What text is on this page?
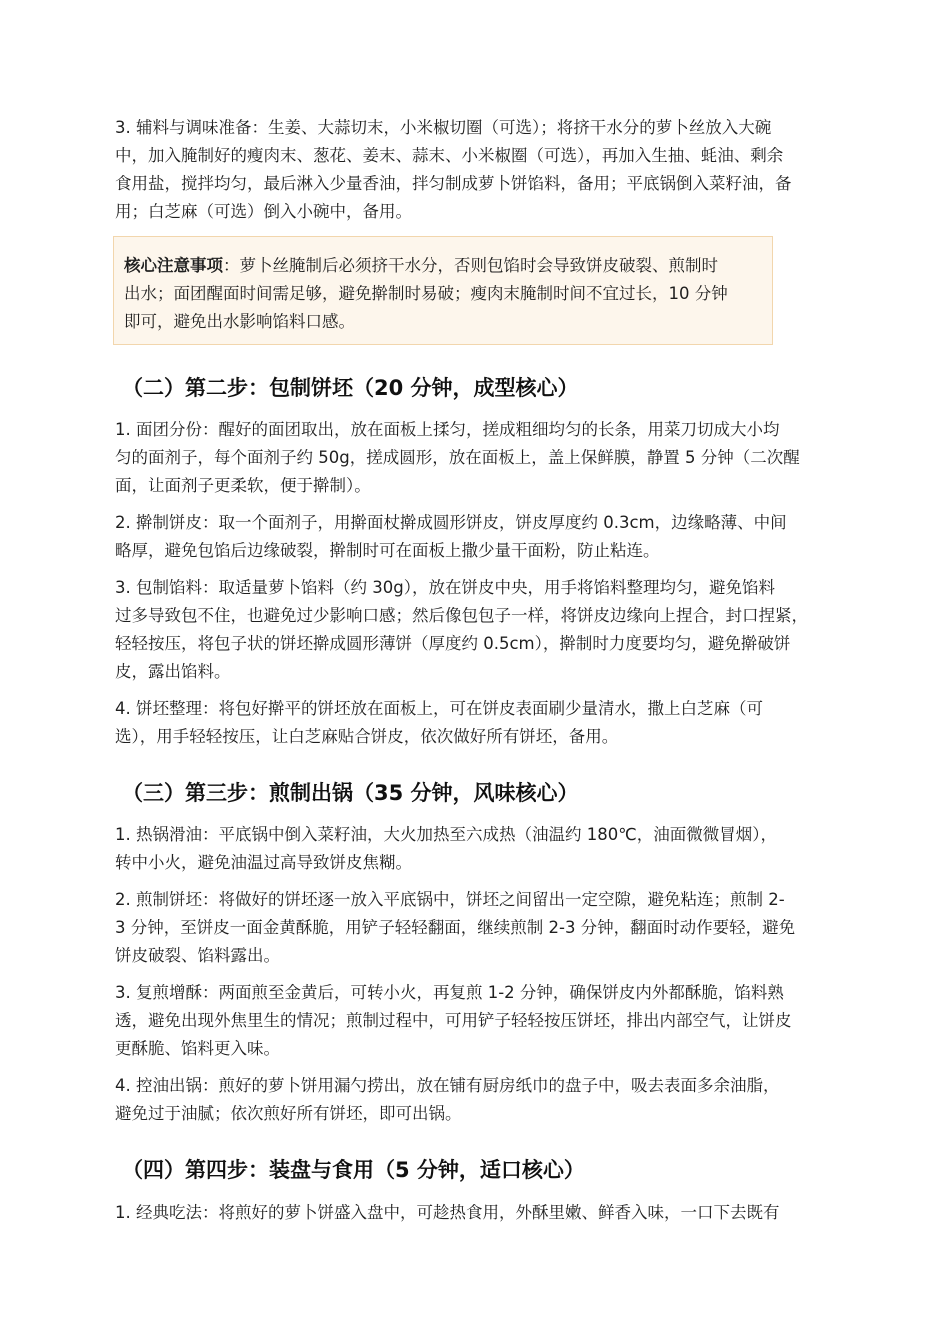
3. 辅料与调味准备：生姜、大蒜切末，小米椒切圈（可选）；将挤干水分的萝卜丝放入大碗
中，加入腌制好的瘦肉末、葱花、姜末、蒜末、小米椒圈（可选），再加入生抽、蚝油、剩余
食用盐，搅拌均匀，最后淋入少量香油，拌匀制成萝卜饼馅料，备用；平底锅倒入菜籽油，备
用；白芝麻（可选）倒入小碗中，备用。

核心注意事项：萝卜丝腌制后必须挤干水分，否则包馅时会导致饼皮破裂、煎制时
出水；面团醒面时间需足够，避免擀制时易破；瘦肉末腌制时间不宜过长，10 分钟
即可，避免出水影响馅料口感。
（二）第二步：包制饼坯（20 分钟，成型核心）

1. 面团分份：醒好的面团取出，放在面板上揉匀，搓成粗细均匀的长条，用菜刀切成大小均
匀的面剂子，每个面剂子约 50g，搓成圆形，放在面板上，盖上保鲜膜，静置 5 分钟（二次醒
面，让面剂子更柔软，便于擀制）。

2. 擀制饼皮：取一个面剂子，用擀面杖擀成圆形饼皮，饼皮厚度约 0.3cm，边缘略薄、中间
略厚，避免包馅后边缘破裂，擀制时可在面板上撒少量干面粉，防止粘连。

3. 包制馅料：取适量萝卜馅料（约 30g），放在饼皮中央，用手将馅料整理均匀，避免馅料
过多导致包不住，也避免过少影响口感；然后像包包子一样，将饼皮边缘向上捏合，封口捏紧，
轻轻按压，将包子状的饼坯擀成圆形薄饼（厚度约 0.5cm），擀制时力度要均匀，避免擀破饼
皮，露出馅料。

4. 饼坯整理：将包好擀平的饼坯放在面板上，可在饼皮表面刷少量清水，撒上白芝麻（可
选），用手轻轻按压，让白芝麻贴合饼皮，依次做好所有饼坯，备用。

（三）第三步：煎制出锅（35 分钟，风味核心）

1. 热锅滑油：平底锅中倒入菜籽油，大火加热至六成热（油温约 180℃，油面微微冒烟），
转中小火，避免油温过高导致饼皮焦糊。

2. 煎制饼坯：将做好的饼坯逐一放入平底锅中，饼坯之间留出一定空隙，避免粘连；煎制 2-
3 分钟，至饼皮一面金黄酥脆，用铲子轻轻翻面，继续煎制 2-3 分钟，翻面时动作要轻，避免
饼皮破裂、馅料露出。

3. 复煎增酥：两面煎至金黄后，可转小火，再复煎 1-2 分钟，确保饼皮内外都酥脆，馅料熟
透，避免出现外焦里生的情况；煎制过程中，可用铲子轻轻按压饼坯，排出内部空气，让饼皮
更酥脆、馅料更入味。

4. 控油出锅：煎好的萝卜饼用漏勺捞出，放在铺有厨房纸巾的盘子中，吸去表面多余油脂，
避免过于油腻；依次煎好所有饼坯，即可出锅。

（四）第四步：装盘与食用（5 分钟，适口核心）

1. 经典吃法：将煎好的萝卜饼盛入盘中，可趁热食用，外酥里嫩、鲜香入味，一口下去既有
